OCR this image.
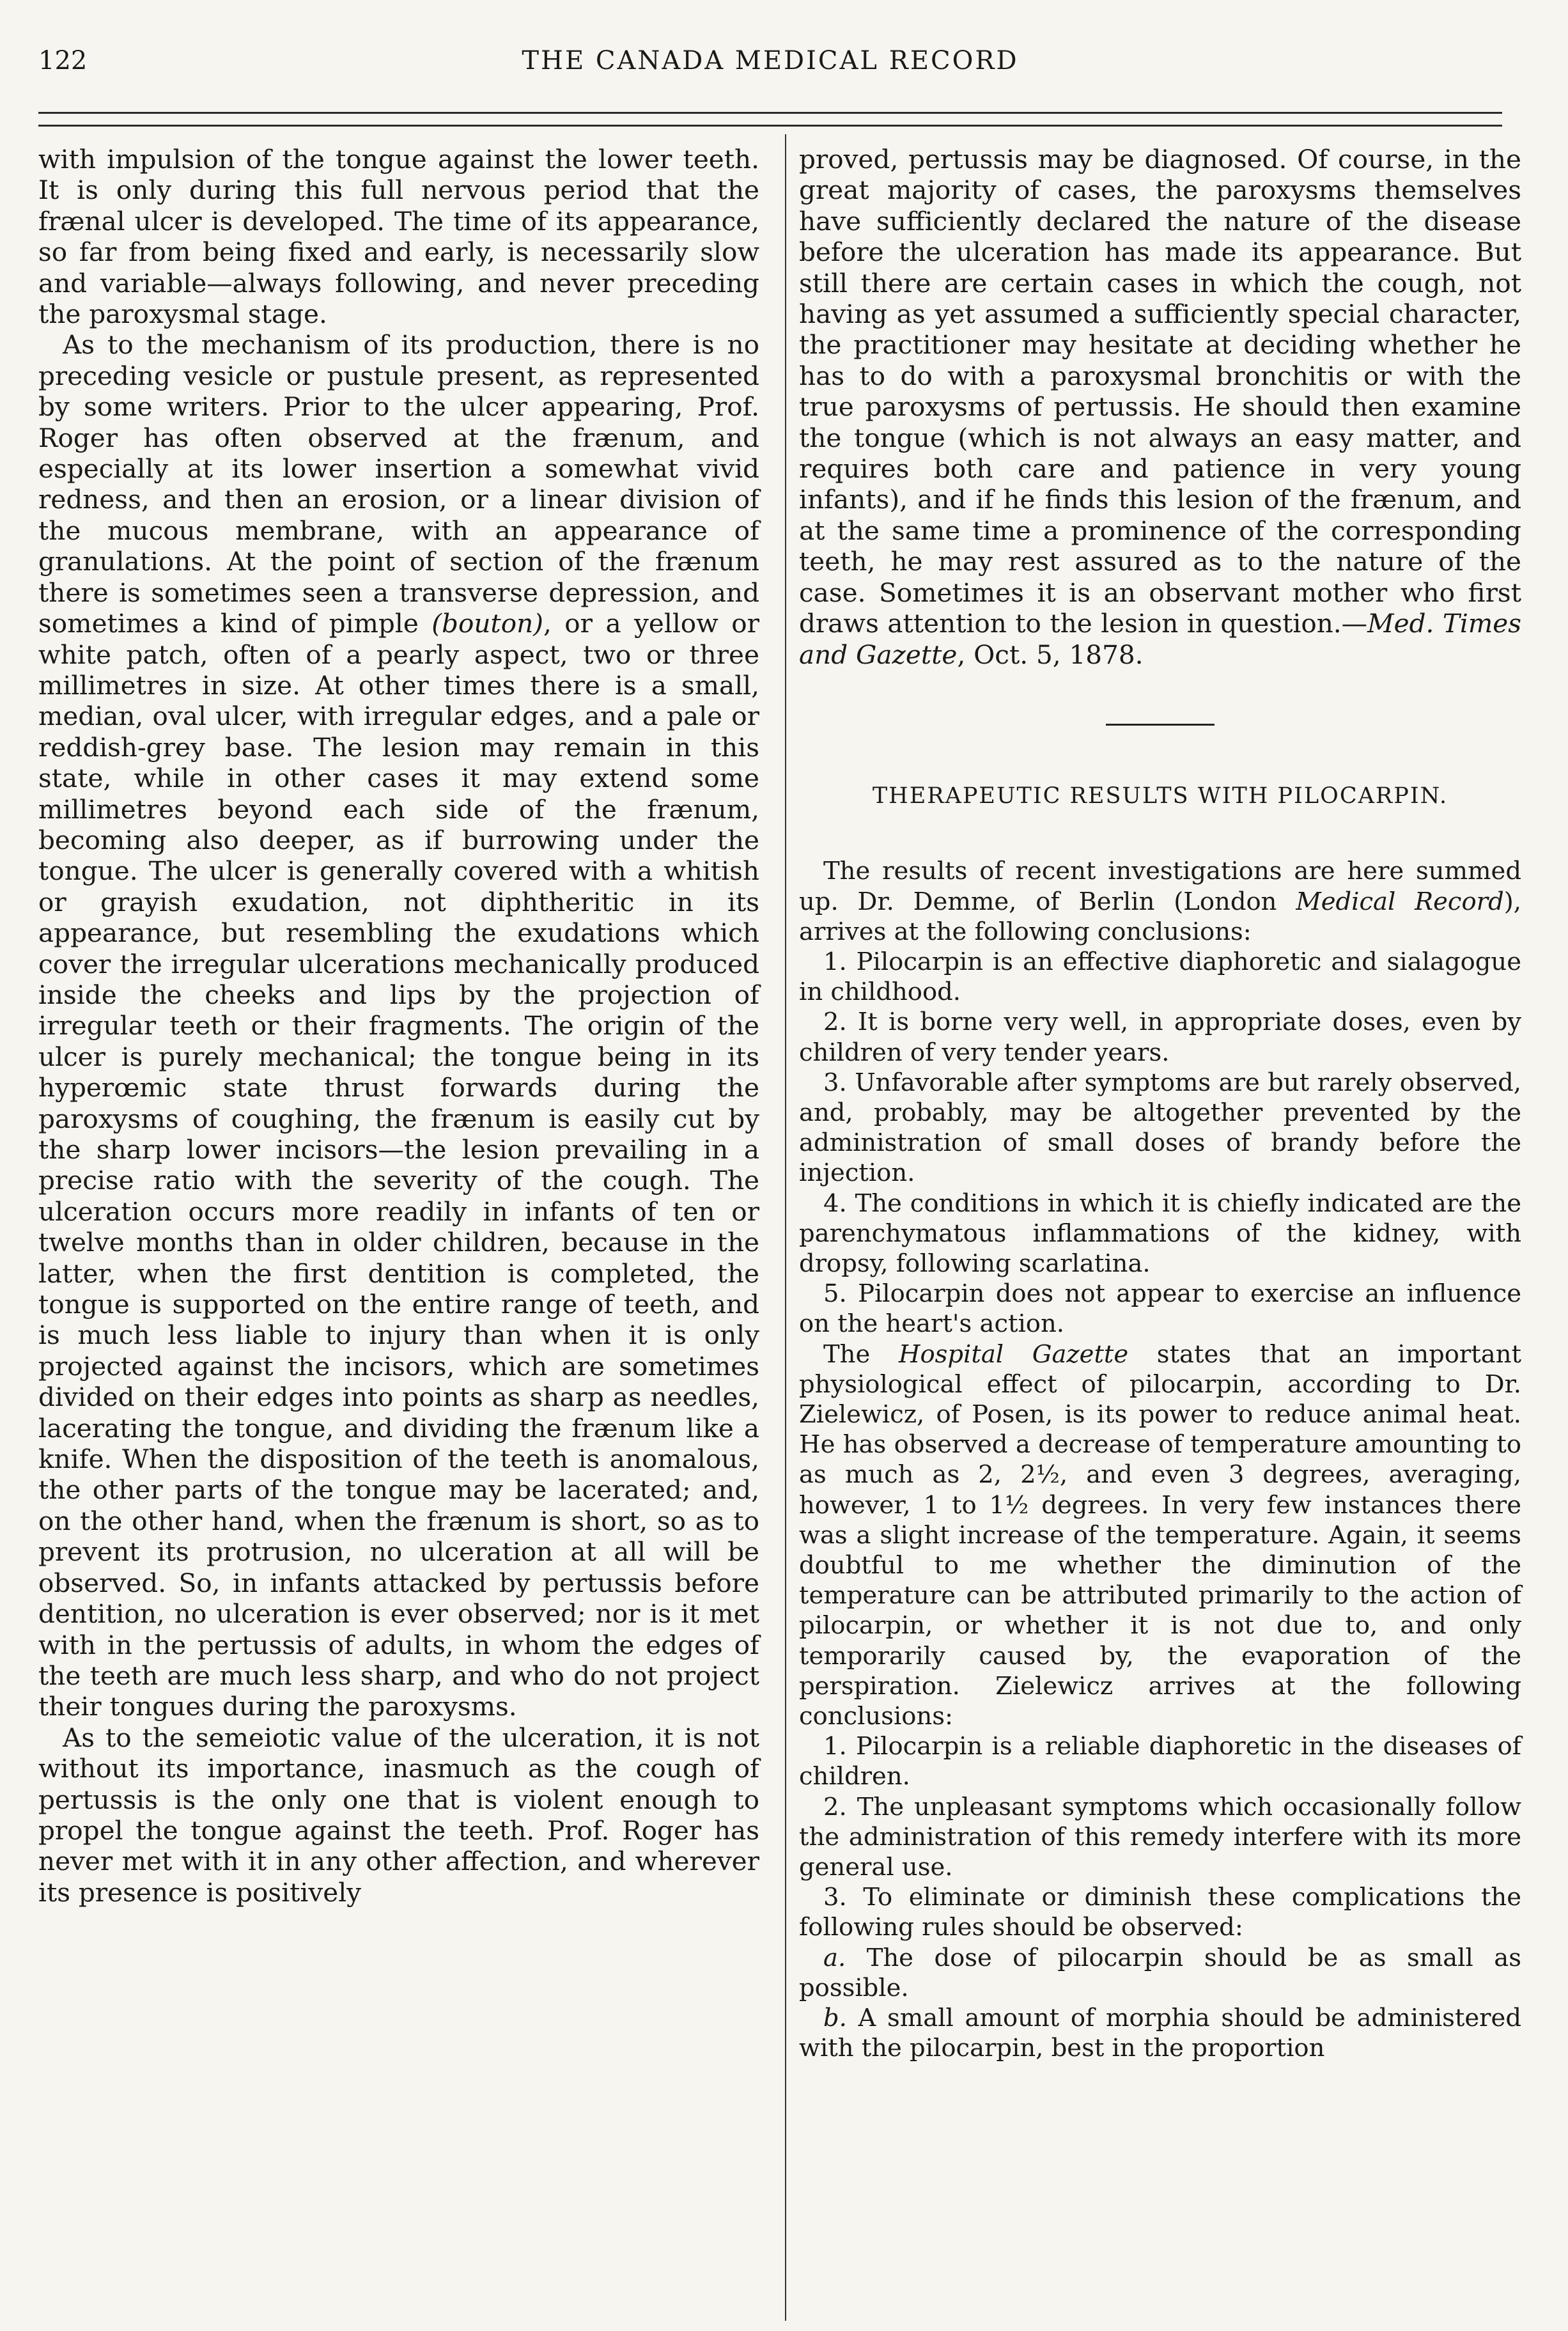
122	THE CANADA MEDICAL RECORD

with impulsion of the tongue against the lower teeth. It is only during this full nervous period that the frænal ulcer is developed. The time of its appearance, so far from being fixed and early, is necessarily slow and variable—always following, and never preceding the paroxysmal stage.

As to the mechanism of its production, there is no preceding vesicle or pustule present, as represented by some writers. Prior to the ulcer appearing, Prof. Roger has often observed at the frænum, and especially at its lower insertion a somewhat vivid redness, and then an erosion, or a linear division of the mucous membrane, with an appearance of granulations. At the point of section of the frænum there is sometimes seen a transverse depression, and sometimes a kind of pimple (bouton), or a yellow or white patch, often of a pearly aspect, two or three millimetres in size. At other times there is a small, median, oval ulcer, with irregular edges, and a pale or reddish-grey base. The lesion may remain in this state, while in other cases it may extend some millimetres beyond each side of the frænum, becoming also deeper, as if burrowing under the tongue. The ulcer is generally covered with a whitish or grayish exudation, not diphtheritic in its appearance, but resembling the exudations which cover the irregular ulcerations mechanically produced inside the cheeks and lips by the projection of irregular teeth or their fragments. The origin of the ulcer is purely mechanical; the tongue being in its hyperœmic state thrust forwards during the paroxysms of coughing, the frænum is easily cut by the sharp lower incisors—the lesion prevailing in a precise ratio with the severity of the cough. The ulceration occurs more readily in infants of ten or twelve months than in older children, because in the latter, when the first dentition is completed, the tongue is supported on the entire range of teeth, and is much less liable to injury than when it is only projected against the incisors, which are sometimes divided on their edges into points as sharp as needles, lacerating the tongue, and dividing the frænum like a knife. When the disposition of the teeth is anomalous, the other parts of the tongue may be lacerated; and, on the other hand, when the frænum is short, so as to prevent its protrusion, no ulceration at all will be observed. So, in infants attacked by pertussis before dentition, no ulceration is ever observed; nor is it met with in the pertussis of adults, in whom the edges of the teeth are much less sharp, and who do not project their tongues during the paroxysms.

As to the semeiotic value of the ulceration, it is not without its importance, inasmuch as the cough of pertussis is the only one that is violent enough to propel the tongue against the teeth. Prof. Roger has never met with it in any other affection, and wherever its presence is positively

proved, pertussis may be diagnosed. Of course, in the great majority of cases, the paroxysms themselves have sufficiently declared the nature of the disease before the ulceration has made its appearance. But still there are certain cases in which the cough, not having as yet assumed a sufficiently special character, the practitioner may hesitate at deciding whether he has to do with a paroxysmal bronchitis or with the true paroxysms of pertussis. He should then examine the tongue (which is not always an easy matter, and requires both care and patience in very young infants), and if he finds this lesion of the frænum, and at the same time a prominence of the corresponding teeth, he may rest assured as to the nature of the case. Sometimes it is an observant mother who first draws attention to the lesion in question.—Med. Times and Gazette, Oct. 5, 1878.

THERAPEUTIC RESULTS WITH PILOCARPIN.

The results of recent investigations are here summed up. Dr. Demme, of Berlin (London Medical Record), arrives at the following conclusions:

1. Pilocarpin is an effective diaphoretic and sialagogue in childhood.

2. It is borne very well, in appropriate doses, even by children of very tender years.

3. Unfavorable after symptoms are but rarely observed, and, probably, may be altogether prevented by the administration of small doses of brandy before the injection.

4. The conditions in which it is chiefly indicated are the parenchymatous inflammations of the kidney, with dropsy, following scarlatina.

5. Pilocarpin does not appear to exercise an influence on the heart's action.

The Hospital Gazette states that an important physiological effect of pilocarpin, according to Dr. Zielewicz, of Posen, is its power to reduce animal heat. He has observed a decrease of temperature amounting to as much as 2, 2½, and even 3 degrees, averaging, however, 1 to 1½ degrees. In very few instances there was a slight increase of the temperature. Again, it seems doubtful to me whether the diminution of the temperature can be attributed primarily to the action of pilocarpin, or whether it is not due to, and only temporarily caused by, the evaporation of the perspiration. Zielewicz arrives at the following conclusions:

1. Pilocarpin is a reliable diaphoretic in the diseases of children.

2. The unpleasant symptoms which occasionally follow the administration of this remedy interfere with its more general use.

3. To eliminate or diminish these complications the following rules should be observed:

a. The dose of pilocarpin should be as small as possible.

b. A small amount of morphia should be administered with the pilocarpin, best in the proportion
